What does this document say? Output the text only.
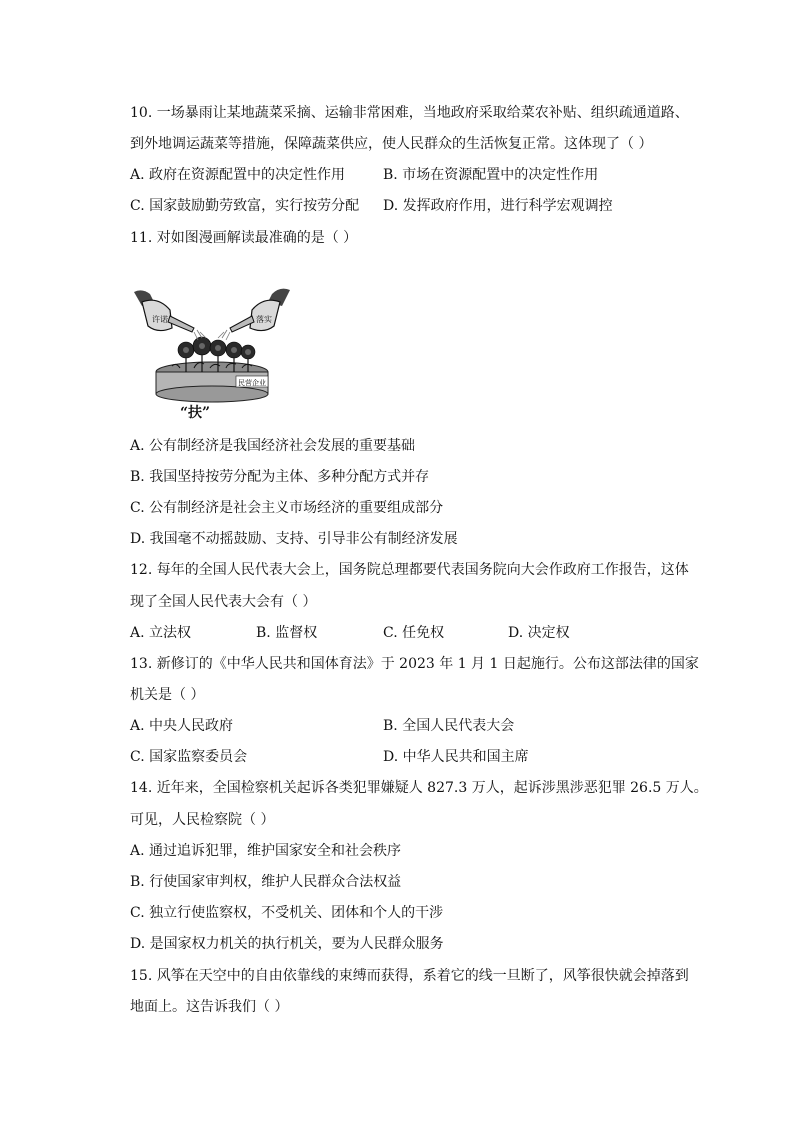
10. 一场暴雨让某地蔬菜采摘、运输非常困难，当地政府采取给菜农补贴、组织疏通道路、
到外地调运蔬菜等措施，保障蔬菜供应，使人民群众的生活恢复正常。这体现了（ ）
A. 政府在资源配置中的决定性作用	B. 市场在资源配置中的决定性作用
C. 国家鼓励勤劳致富，实行按劳分配 D. 发挥政府作用，进行科学宏观调控
11. 对如图漫画解读最准确的是（ ）
民营企业
许诺	落实
“扶”
A. 公有制经济是我国经济社会发展的重要基础
B. 我国坚持按劳分配为主体、多种分配方式并存
C. 公有制经济是社会主义市场经济的重要组成部分
D. 我国毫不动摇鼓励、支持、引导非公有制经济发展
12. 每年的全国人民代表大会上，国务院总理都要代表国务院向大会作政府工作报告，这体
现了全国人民代表大会有（ ）
A. 立法权	B. 监督权	C. 任免权	D. 决定权
13. 新修订的《中华人民共和国体育法》于 2023 年 1 月 1 日起施行。公布这部法律的国家
机关是（ ）
A. 中央人民政府	B. 全国人民代表大会
C. 国家监察委员会	D. 中华人民共和国主席
14. 近年来，全国检察机关起诉各类犯罪嫌疑人 827.3 万人，起诉涉黑涉恶犯罪 26.5 万人。
可见，人民检察院（ ）
A. 通过追诉犯罪，维护国家安全和社会秩序
B. 行使国家审判权，维护人民群众合法权益
C. 独立行使监察权，不受机关、团体和个人的干涉
D. 是国家权力机关的执行机关，要为人民群众服务
15. 风筝在天空中的自由依靠线的束缚而获得，系着它的线一旦断了，风筝很快就会掉落到
地面上。这告诉我们（ ）
